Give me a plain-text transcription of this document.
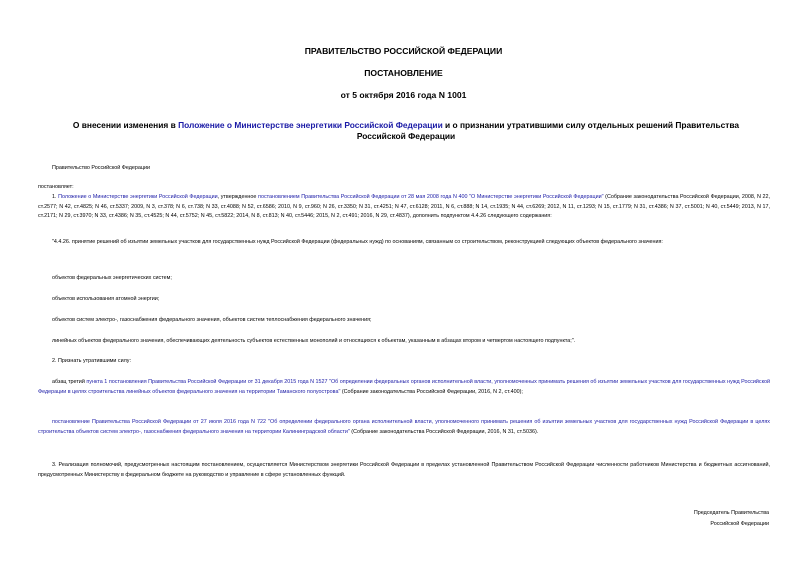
ПРАВИТЕЛЬСТВО РОССИЙСКОЙ ФЕДЕРАЦИИ
ПОСТАНОВЛЕНИЕ
от 5 октября 2016 года N 1001
О внесении изменения в Положение о Министерстве энергетики Российской Федерации и о признании утратившими силу отдельных решений Правительства Российской Федерации
Правительство Российской Федерации
постановляет:
1. Положение о Министерстве энергетики Российской Федерации, утвержденное постановлением Правительства Российской Федерации от 28 мая 2008 года N 400 "О Министерстве энергетики Российской Федерации" (Собрание законодательства Российской Федерации, 2008, N 22, ст.2577; N 42, ст.4825; N 46, ст.5337; 2009, N 3, ст.378; N 6, ст.738; N 33, ст.4088; N 52, ст.6586; 2010, N 9, ст.960; N 26, ст.3350; N 31, ст.4251; N 47, ст.6128; 2011, N 6, ст.888; N 14, ст.1935; N 44, ст.6269; 2012, N 11, ст.1293; N 15, ст.1779; N 31, ст.4386; N 37, ст.5001; N 40, ст.5449; 2013, N 17, ст.2171; N 29, ст.3970; N 33, ст.4386; N 35, ст.4525; N 44, ст.5752; N 45, ст.5822; 2014, N 8, ст.813; N 40, ст.5446; 2015, N 2, ст.491; 2016, N 29, ст.4837), дополнить подпунктом 4.4.26 следующего содержания:
"4.4.26. принятие решений об изъятии земельных участков для государственных нужд Российской Федерации (федеральных нужд) по основаниям, связанным со строительством, реконструкцией следующих объектов федерального значения:
объектов федеральных энергетических систем;
объектов использования атомной энергии;
объектов систем электро-, газоснабжения федерального значения, объектов систем теплоснабжения федерального значения;
линейных объектов федерального значения, обеспечивающих деятельность субъектов естественных монополий и относящихся к объектам, указанным в абзацах втором и четвертом настоящего подпункта;".
2. Признать утратившими силу:
абзац третий пункта 1 постановления Правительства Российской Федерации от 31 декабря 2015 года N 1527 "Об определении федеральных органов исполнительной власти, уполномоченных принимать решения об изъятии земельных участков для государственных нужд Российской Федерации в целях строительства линейных объектов федерального значения на территории Таманского полуострова" (Собрание законодательства Российской Федерации, 2016, N 2, ст.400);
постановление Правительства Российской Федерации от 27 июля 2016 года N 722 "Об определении федерального органа исполнительной власти, уполномоченного принимать решения об изъятии земельных участков для государственных нужд Российской Федерации в целях строительства объектов систем электро-, газоснабжения федерального значения на территории Калининградской области" (Собрание законодательства Российской Федерации, 2016, N 31, ст.5036).
3. Реализация полномочий, предусмотренных настоящим постановлением, осуществляется Министерством энергетики Российской Федерации в пределах установленной Правительством Российской Федерации численности работников Министерства и бюджетных ассигнований, предусмотренных Министерству в федеральном бюджете на руководство и управление в сфере установленных функций.
Председатель Правительства
Российской Федерации
